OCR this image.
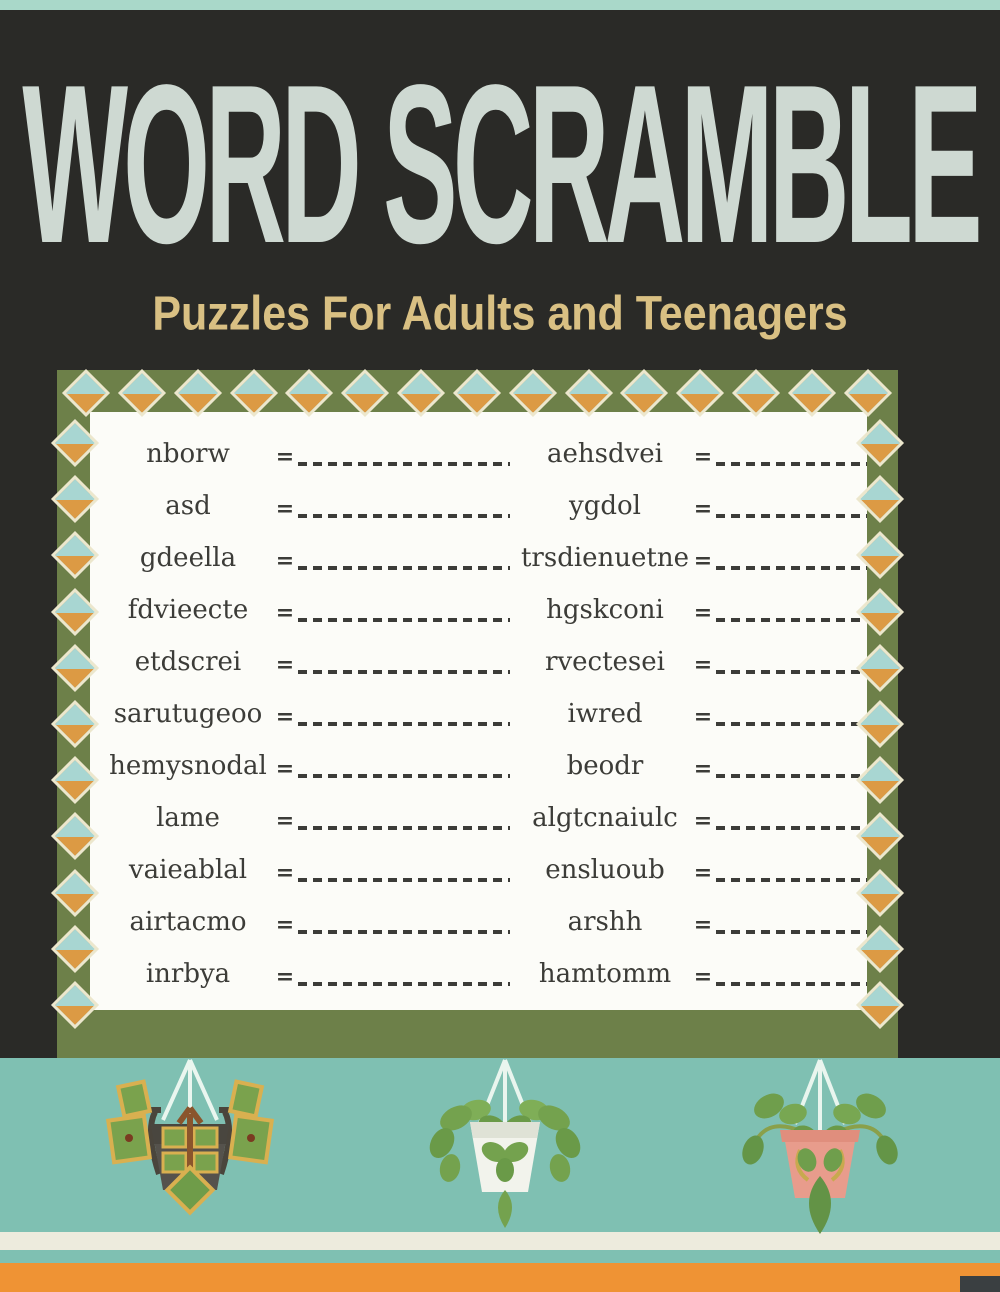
WORD SCRAMBLE
Puzzles For Adults and Teenagers
nborw	=	aehsdvei	=
asd	=	ygdol	=
gdeella	=	trsdienuetne =
fdvieecte	=	hgskconi	=
etdscrei	=	rvectesei	=
sarutugeoo =	iwred	=
hemysnodal =	beodr	=
lame	=	algtcnaiulc =
vaieablal	=	ensluoub	=
airtacmo	=	arshh	=
inrbya	=	hamtomm	=
